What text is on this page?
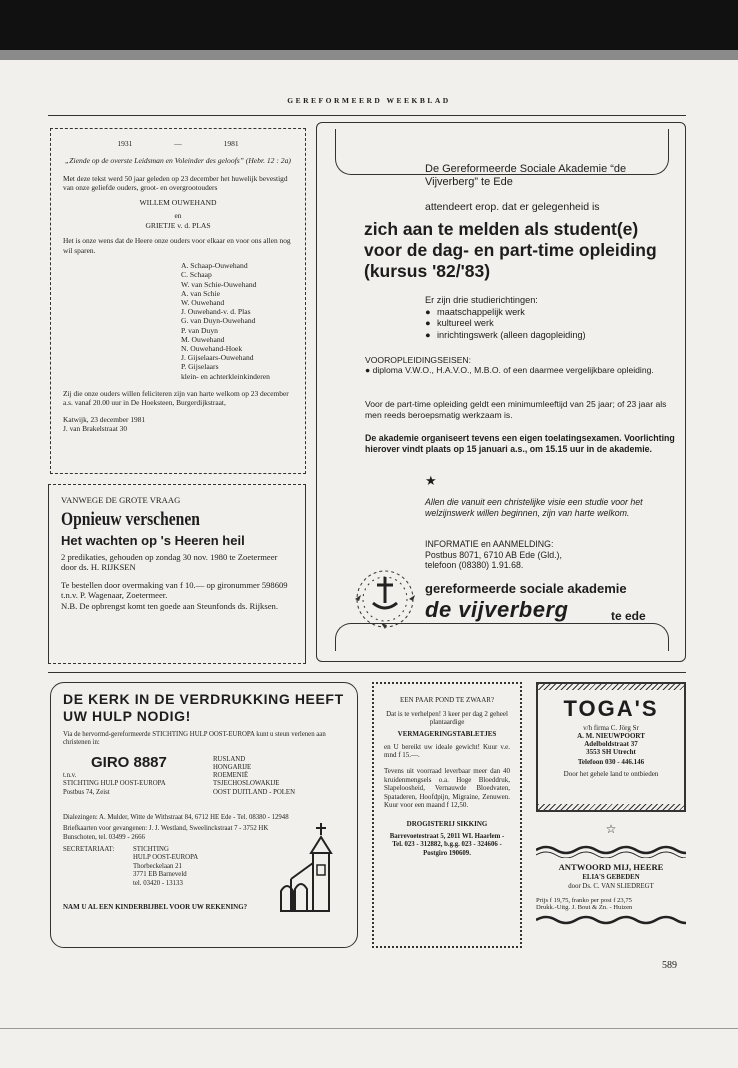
GEREFORMEERD WEEKBLAD
1931	—	1981

„Ziende op de overste Leidsman en Voleinder des geloofs” (Hebr. 12 : 2a)

Met deze tekst werd 50 jaar geleden op 23 december het huwelijk bevestigd van onze geliefde ouders, groot- en overgrootouders

WILLEM OUWEHAND

en

GRIETJE v. d. PLAS

Het is onze wens dat de Heere onze ouders voor elkaar en voor ons allen nog wil sparen.

A. Schaap-Ouwehand
C. Schaap
W. van Schie-Ouwehand
A. van Schie
W. Ouwehand
J. Ouwehand-v. d. Plas
G. van Duyn-Ouwehand
P. van Duyn
M. Ouwehand
N. Ouwehand-Hoek
J. Gijselaars-Ouwehand
P. Gijselaars
klein- en achterkleinkinderen

Zij die onze ouders willen feliciteren zijn van harte welkom op 23 december a.s. vanaf 20.00 uur in De Hoeksteen, Burgerdijkstraat,

Katwijk, 23 december 1981

J. van Brakelstraat 30

VANWEGE DE GROTE VRAAG

Opnieuw verschenen

Het wachten op 's Heeren heil

2 predikaties, gehouden op zondag 30 nov. 1980 te Zoetermeer door ds. H. RIJKSEN

Te bestellen door overmaking van f 10.— op gironummer 598609 t.n.v. P. Wagenaar, Zoetermeer.

N.B. De opbrengst komt ten goede aan Steunfonds ds. Rijksen.

De Gereformeerde Sociale Akademie “de Vijverberg” te Ede
attendeert erop. dat er gelegenheid is
zich aan te melden als student(e) voor de dag- en part-time opleiding (kursus '82/'83)

Er zijn drie studierichtingen:

● maatschappelijk werk

● kultureel werk

● inrichtingswerk (alleen dagopleiding)

VOOROPLEIDINGSEISEN:

● diploma V.W.O., H.A.V.O., M.B.O. of een daarmee vergelijkbare opleiding.

Voor de part-time opleiding geldt een minimumleeftijd van 25 jaar; of 23 jaar als men reeds beroepsmatig werkzaam is.

De akademie organiseert tevens een eigen toelatingsexamen. Voorlichting hierover vindt plaats op 15 januari a.s., om 15.15 uur in de akademie.

★

Allen die vanuit een christelijke visie een studie voor het welzijnswerk willen beginnen, zijn van harte welkom.

INFORMATIE en AANMELDING:

Postbus 8071, 6710 AB Ede (Gld.),

telefoon (08380) 1.91.68.

gereformeerde sociale akademie

de vijverberg	te ede

DE KERK IN DE VERDRUKKING HEEFT UW HULP NODIG!

Via de hervormd-gereformeerde STICHTING HULP OOST-EUROPA kunt u steun verlenen aan christenen in:

GIRO 8887

t.n.v.

STICHTING HULP OOST-EUROPA

Postbus 74, Zeist

RUSLAND

HONGARIJE

ROEMENIË

TSJECHOSLOWAKIJE

OOST DUITLAND - POLEN

Dialezingen: A. Mulder, Witte de Withstraat 84, 6712 HE Ede - Tel. 08380 - 12948

Briefkaarten voor gevangenen: J. J. Westland, Sweelinckstraat 7 - 3752 HK Bunschoten, tel. 03499 - 2666

SECRETARIAAT:	STICHTING

HULP OOST-EUROPA

Thorbeckelaan 21

3771 EB Barneveld

tel. 03420 - 13133

NAM U AL EEN KINDERBIJBEL VOOR UW REKENING?

EEN PAAR POND TE ZWAAR?

Dat is te verhelpen! 3 keer per dag 2 geheel plantaardige

VERMAGERINGSTABLETJES

en U bereikt uw ideale gewicht! Kuur v.e. mnd f 15.—.

Tevens uit voorraad leverbaar meer dan 40 kruidenmengsels o.a. Hoge Bloeddruk, Slapeloosheid, Vernauwde Bloedvaten, Spataderen, Hoofdpijn, Migraine, Zenuwen. Kuur voor een maand f 12,50.

DROGISTERIJ SIKKING

Barrevoetestraat 5, 2011 WL Haarlem - Tel. 023 - 312882, b.g.g. 023 - 324606 - Postgiro 190609.

TOGA'S

v/h firma C. Jörg Sr

A. M. NIEUWPOORT

Adelboldstraat 37

3553 SH Utrecht

Telefoon 030 - 446.146

Door het gehele land te ontbieden

☆

ANTWOORD MIJ, HEERE

ELIA'S GEBEDEN

door Ds. C. VAN SLIEDREGT

Prijs f 19,75, franko per post f 23,75

Drukk.-Uitg. J. Bout & Zn. - Huizen

589
